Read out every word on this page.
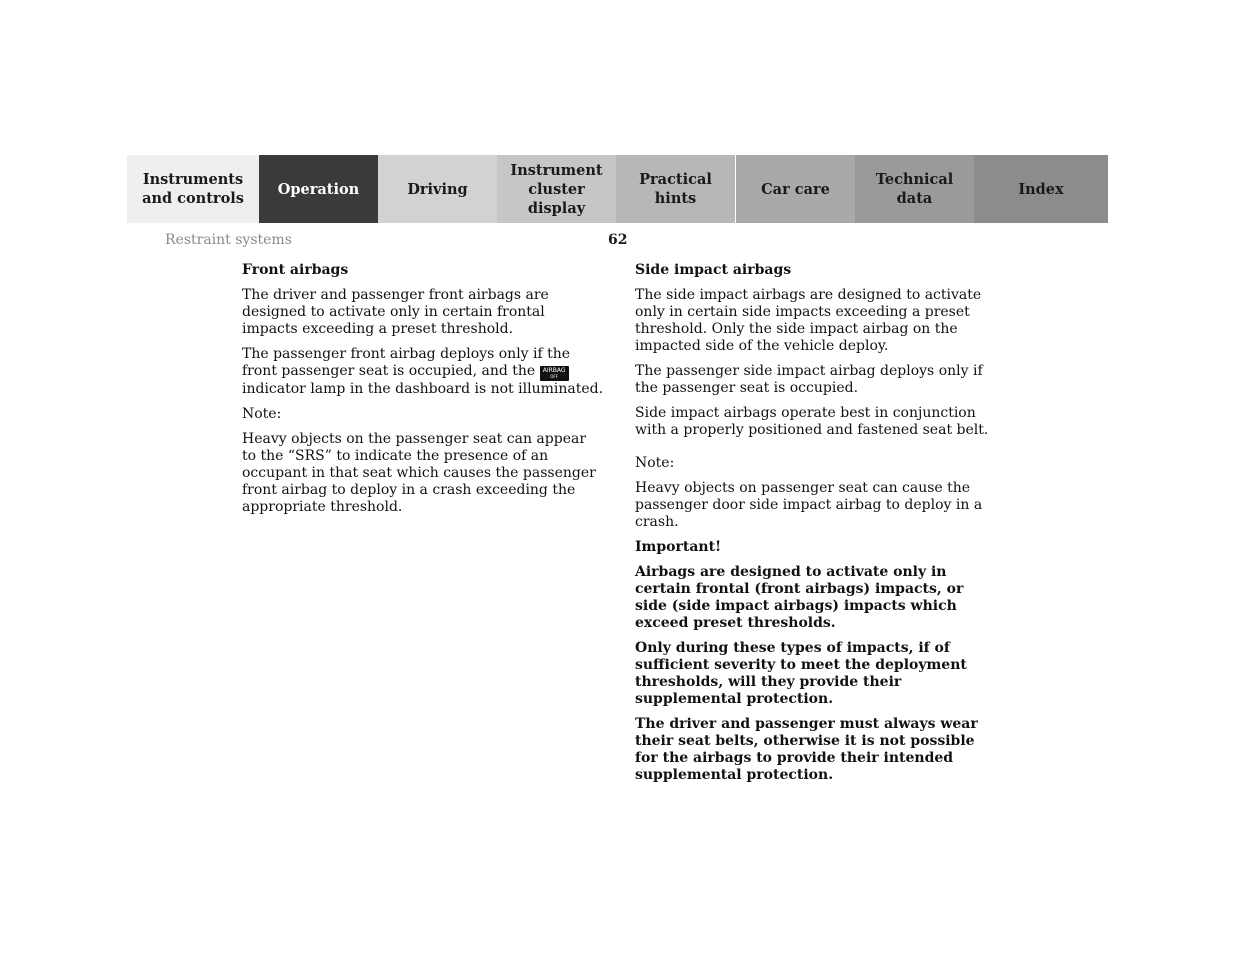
Instruments
and controls
Operation	Driving
Instrument
cluster display
Practical hints
Car care
Technical
data
Index
Restraint systems	62
Front airbags

The driver and passenger front airbags are designed to activate only in certain frontal impacts exceeding a preset threshold.

The passenger front airbag deploys only if the front passenger seat is occupied, and the AIRBAG
OFF
indicator lamp in the dashboard is not illuminated.

Note:

Heavy objects on the passenger seat can appear to the “SRS” to indicate the presence of an occupant in that seat which causes the passenger front airbag to deploy in a crash exceeding the appropriate threshold.

Side impact airbags

The side impact airbags are designed to activate only in certain side impacts exceeding a preset threshold. Only the side impact airbag on the impacted side of the vehicle deploy.

The passenger side impact airbag deploys only if the passenger seat is occupied.

Side impact airbags operate best in conjunction with a properly positioned and fastened seat belt.

Note:

Heavy objects on passenger seat can cause the passenger door side impact airbag to deploy in a crash.

Important!

Airbags are designed to activate only in certain frontal (front airbags) impacts, or side (side impact airbags) impacts which exceed preset thresholds.

Only during these types of impacts, if of sufficient severity to meet the deployment thresholds, will they provide their supplemental protection.

The driver and passenger must always wear their seat belts, otherwise it is not possible for the airbags to provide their intended supplemental protection.
